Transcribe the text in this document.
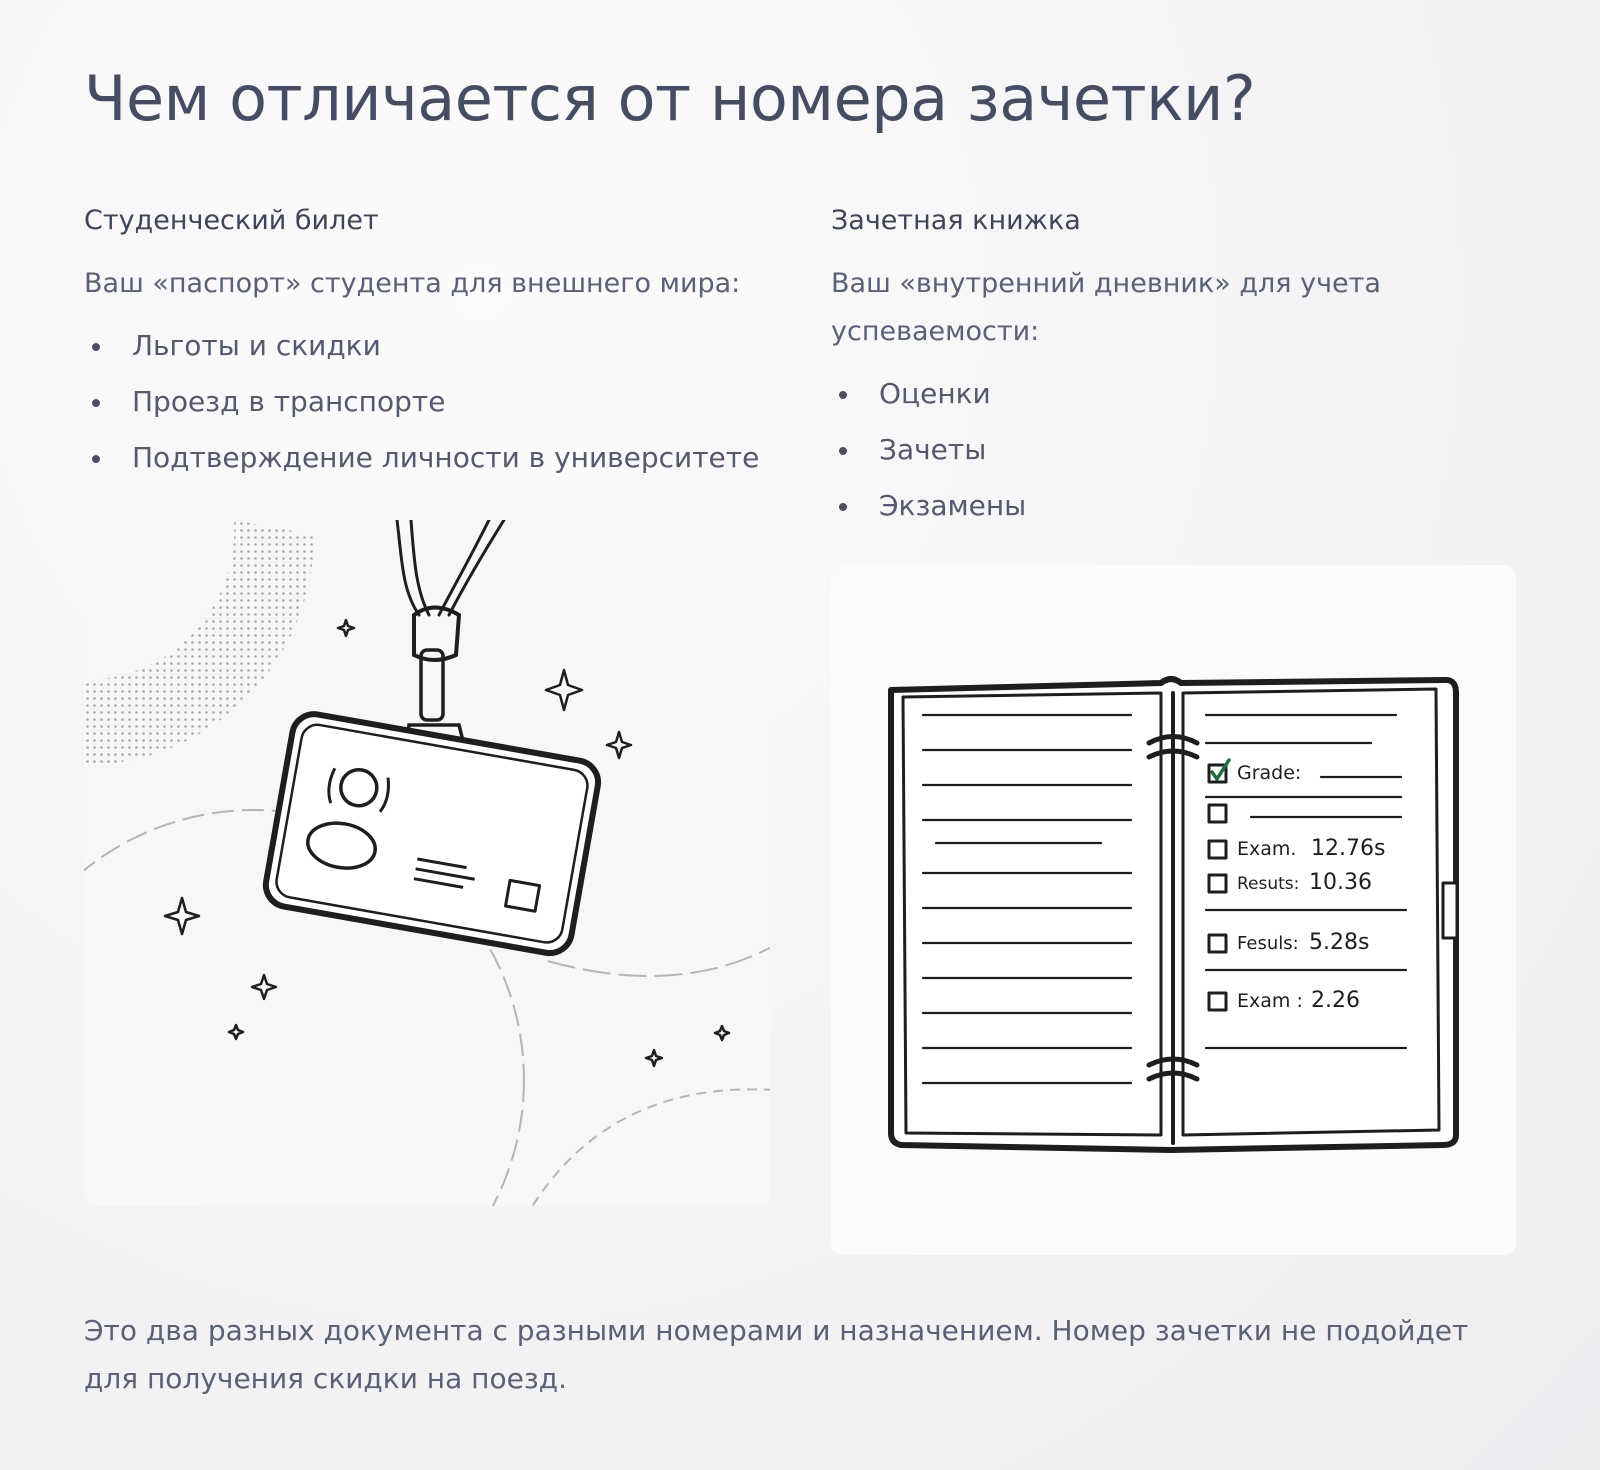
Чем отличается от номера зачетки?
Студенческий билет

Ваш «паспорт» студента для внешнего мира:

Льготы и скидки
Проезд в транспорте
Подтверждение личности в университете
Зачетная книжка

Ваш «внутренний дневник» для учета успеваемости:

Оценки
Зачеты
Экзамены
Grade:
Exam. 12.76s
Resuts: 10.36
Fesuls: 5.28s
Exam : 2.26

Это два разных документа с разными номерами и назначением. Номер зачетки не подойдет для получения скидки на поезд.
